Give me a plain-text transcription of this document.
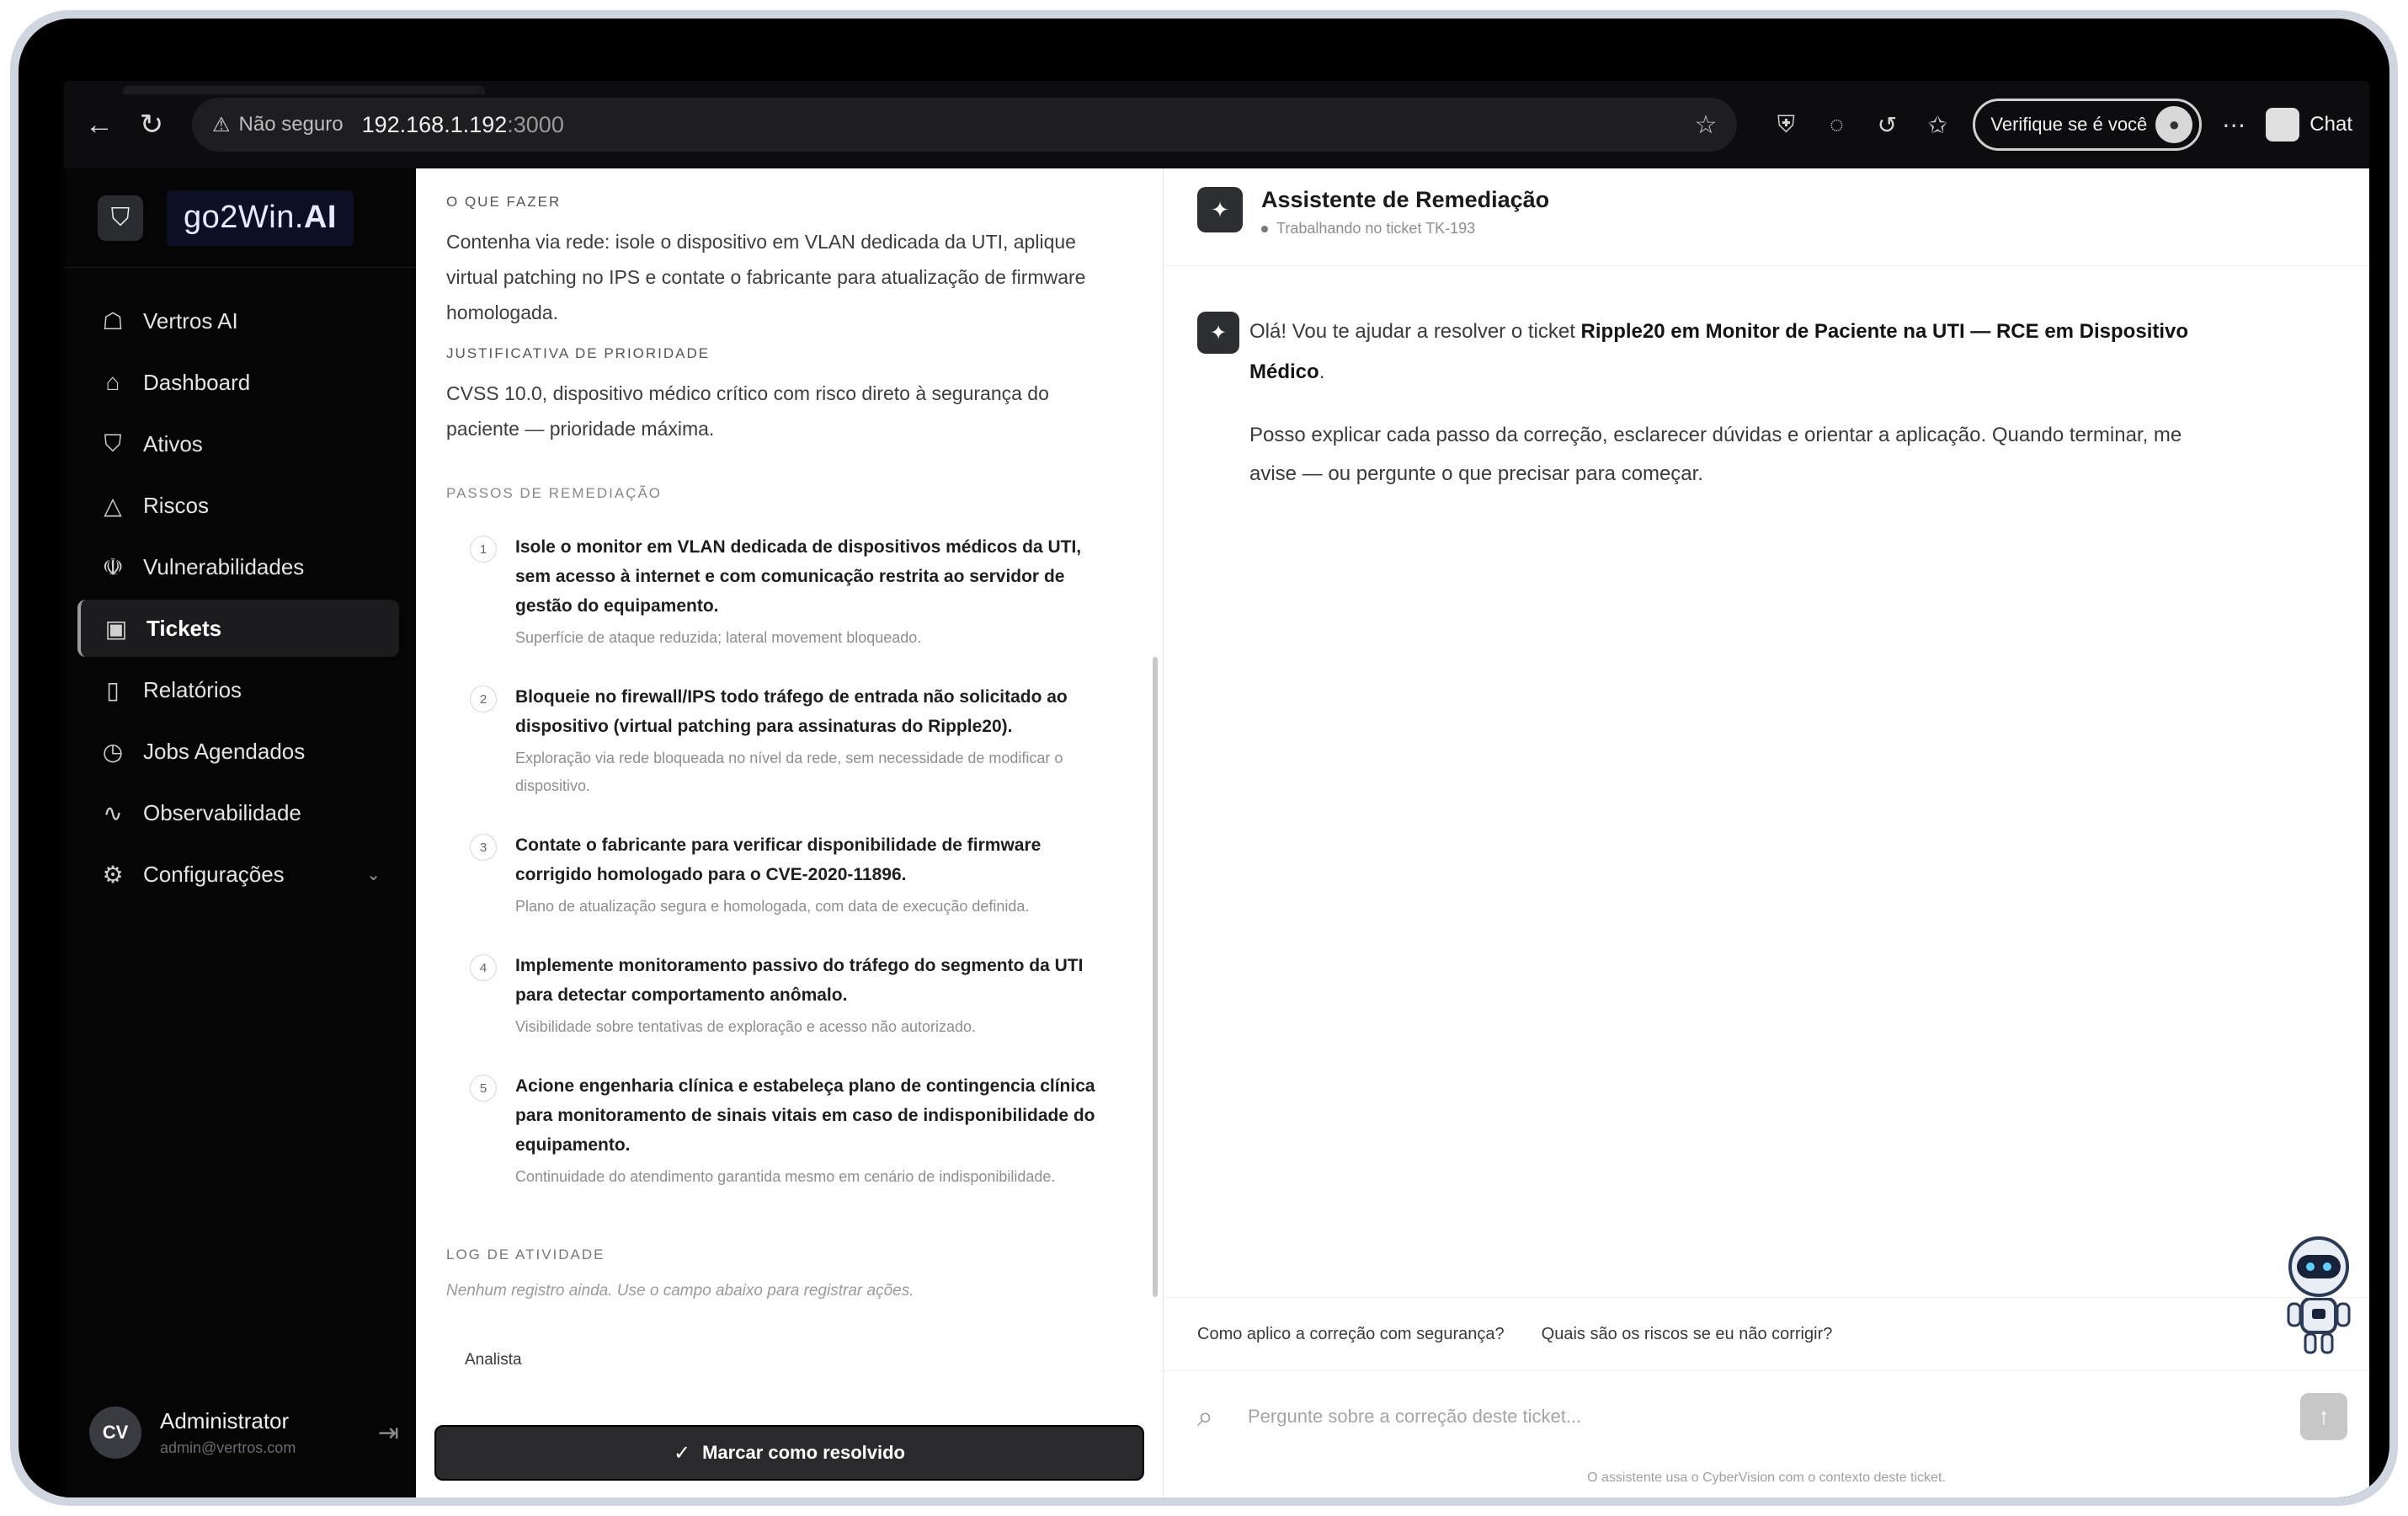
← ↻	⚠ Não seguro 192.168.1.192 :3000	☆	⛨	◌	↺	✩	Verifique se é você	●	⋯	Chat
⛉	go2Win. AI
☖ Vertros AI
⌂	Dashboard
⛉ Ativos
△ Riscos
☫ Vulnerabilidades
▣ Tickets
▯	Relatórios
◷ Jobs Agendados
∿ Observabilidade
⚙ Configurações	⌄
CV	Administrator
admin@vertros.com
⇥
O QUE FAZER
Contenha via rede: isole o dispositivo em VLAN dedicada da UTI, aplique virtual patching no IPS e contate o fabricante para atualização de firmware homologada.
JUSTIFICATIVA DE PRIORIDADE
CVSS 10.0, dispositivo médico crítico com risco direto à segurança do paciente — prioridade máxima.
PASSOS DE REMEDIAÇÃO
1	Isole o monitor em VLAN dedicada de dispositivos médicos da UTI, sem acesso à internet e com comunicação restrita ao servidor de gestão do equipamento.
Superfície de ataque reduzida; lateral movement bloqueado.
2	Bloqueie no firewall/IPS todo tráfego de entrada não solicitado ao dispositivo (virtual patching para assinaturas do Ripple20).
Exploração via rede bloqueada no nível da rede, sem necessidade de modificar o dispositivo.
3	Contate o fabricante para verificar disponibilidade de firmware corrigido homologado para o CVE-2020-11896.
Plano de atualização segura e homologada, com data de execução definida.
4	Implemente monitoramento passivo do tráfego do segmento da UTI para detectar comportamento anômalo.
Visibilidade sobre tentativas de exploração e acesso não autorizado.
5	Acione engenharia clínica e estabeleça plano de contingencia clínica para monitoramento de sinais vitais em caso de indisponibilidade do equipamento.
Continuidade do atendimento garantida mesmo em cenário de indisponibilidade.
LOG DE ATIVIDADE
Nenhum registro ainda. Use o campo abaixo para registrar ações.
Analista
✓ Marcar como resolvido
✦	Assistente de Remediação
Trabalhando no ticket TK-193
✦	Olá! Vou te ajudar a resolver o ticket Ripple20 em Monitor de Paciente na UTI — RCE em Dispositivo Médico.
Posso explicar cada passo da correção, esclarecer dúvidas e orientar a aplicação. Quando terminar, me avise — ou pergunte o que precisar para começar.
Como aplico a correção com segurança? Quais são os riscos se eu não corrigir?
⌕
Pergunte sobre a correção deste ticket...	↑
O assistente usa o CyberVision com o contexto deste ticket.
